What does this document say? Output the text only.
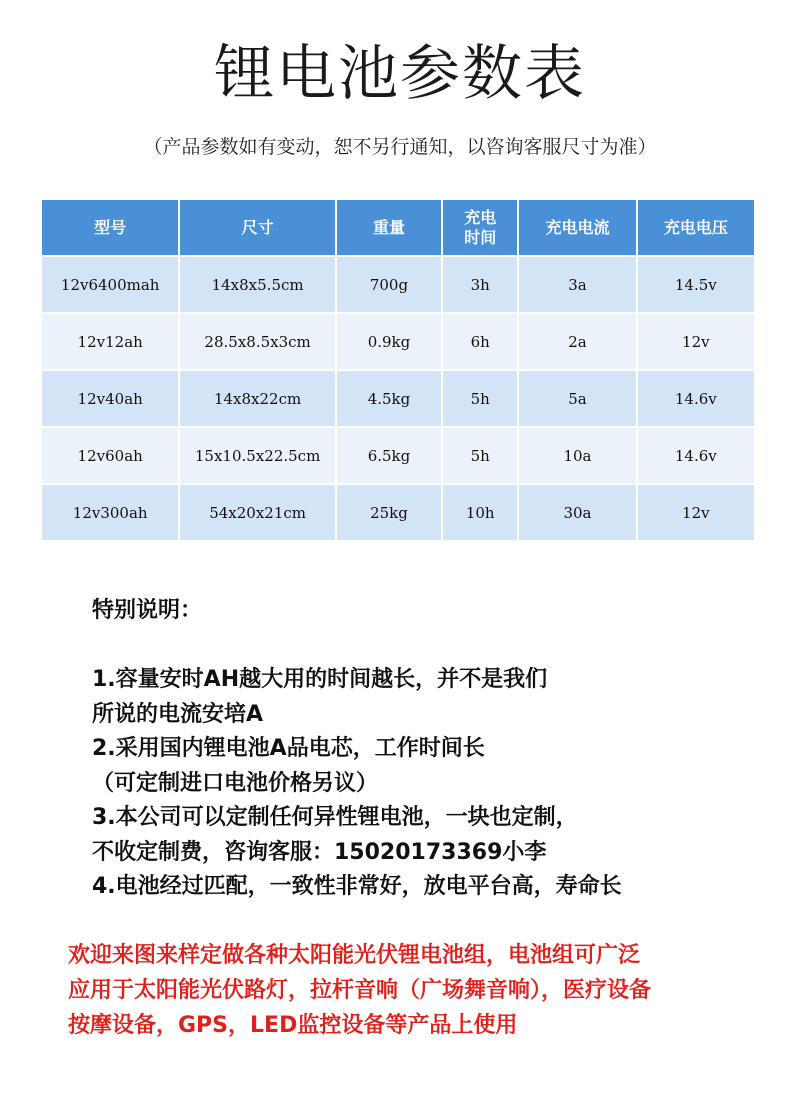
锂电池参数表
（产品参数如有变动，恕不另行通知，以咨询客服尺寸为准）
型号	尺寸	重量	充电时间	充电电流	充电电压
12v6400mah	14x8x5.5cm	700g	3h	3a	14.5v
12v12ah	28.5x8.5x3cm	0.9kg	6h	2a	12v
12v40ah	14x8x22cm	4.5kg	5h	5a	14.6v
12v60ah	15x10.5x22.5cm	6.5kg	5h	10a	14.6v
12v300ah	54x20x21cm	25kg	10h	30a	12v

特别说明：

1.容量安时AH越大用的时间越长，并不是我们

所说的电流安培A

2.采用国内锂电池A品电芯，工作时间长

（可定制进口电池价格另议）

3.本公司可以定制任何异性锂电池，一块也定制，

不收定制费，咨询客服：15020173369小李

4.电池经过匹配，一致性非常好，放电平台高，寿命长

欢迎来图来样定做各种太阳能光伏锂电池组，电池组可广泛

应用于太阳能光伏路灯，拉杆音响（广场舞音响），医疗设备

按摩设备，GPS，LED监控设备等产品上使用
